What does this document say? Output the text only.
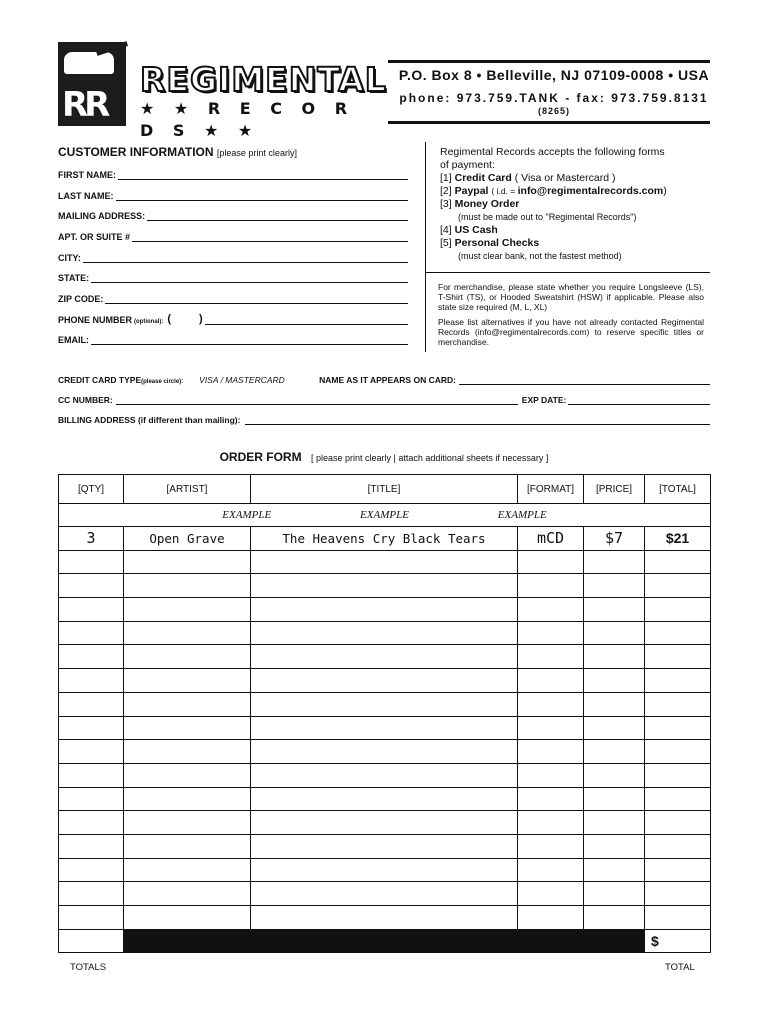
RR
REGIMENTAL
★ ★ R E C O R D S ★ ★
P.O. Box 8 • Belleville, NJ 07109-0008 • USA
phone: 973.759.TANK - fax: 973.759.8131
(8265)
CUSTOMER INFORMATION [please print clearly]
FIRST NAME:
LAST NAME:
MAILING ADDRESS:
APT. OR SUITE #
CITY:
STATE:
ZIP CODE:
PHONE NUMBER (optional): (	)
EMAIL:
Regimental Records accepts the following forms
of payment:
[1] Credit Card ( Visa or Mastercard )
[2] Paypal ( i.d. = info@regimentalrecords.com)
[3] Money Order
(must be made out to "Regimental Records")
[4] US Cash
[5] Personal Checks
(must clear bank, not the fastest method)
For merchandise, please state whether you require Longsleeve (LS), T-Shirt (TS), or Hooded Sweatshirt (HSW) if applicable. Please also state size required (M, L, XL)
Please list alternatives if you have not already contacted Regimental Records (info@regimentalrecords.com) to reserve specific titles or merchandise.
CREDIT CARD TYPE (please circle): VISA / MASTERCARD	NAME AS IT APPEARS ON CARD:
CC NUMBER:	EXP DATE:
BILLING ADDRESS (if different than mailing):
ORDER FORM [ please print clearly | attach additional sheets if necessary ]
[QTY]	[ARTIST]	[TITLE]	[FORMAT]	[PRICE]	[TOTAL]
EXAMPLE EXAMPLE EXAMPLE					
3	Open Grave	The Heavens Cry Black Tears	mCD	$7	$21

					$
TOTALS	TOTAL
